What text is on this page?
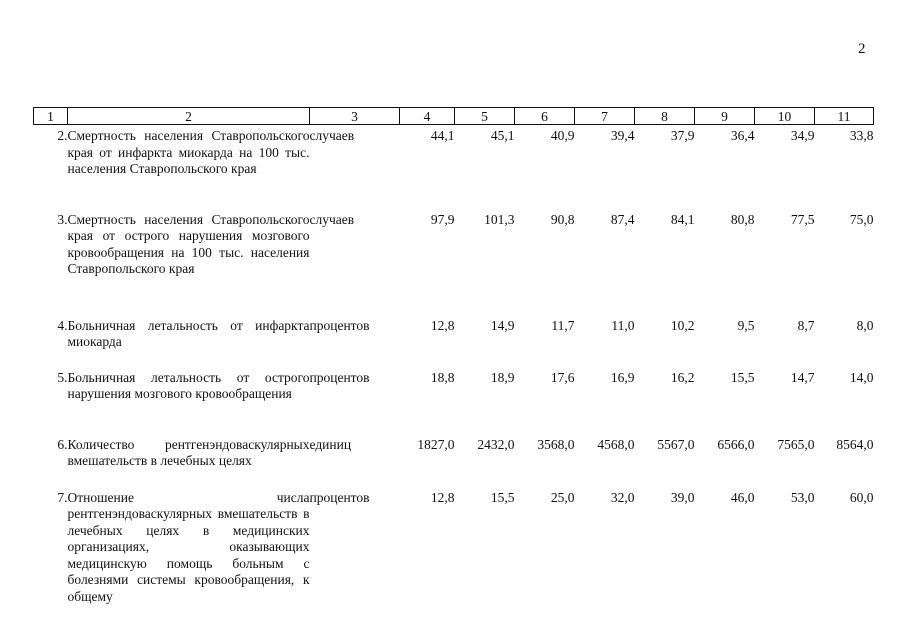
2
1	2	3	4	5	6	7	8	9	10	11
2.	Смертность населения Ставропольского края от инфаркта миокарда на 100 тыс. населения Ставропольского края	случаев	44,1	45,1	40,9	39,4	37,9	36,4	34,9	33,8
3.	Смертность населения Ставропольского края от острого нарушения мозгового кровообращения на 100 тыс. населения Ставропольского края	случаев	97,9	101,3	90,8	87,4	84,1	80,8	77,5	75,0
4.	Больничная летальность от инфаркта миокарда	процентов	12,8	14,9	11,7	11,0	10,2	9,5	8,7	8,0
5.	Больничная летальность от острого нарушения мозгового кровообращения	процентов	18,8	18,9	17,6	16,9	16,2	15,5	14,7	14,0
6.	Количество рентгенэндоваскулярных вмешательств в лечебных целях	единиц	1827,0	2432,0	3568,0	4568,0	5567,0	6566,0	7565,0	8564,0
7.	Отношение числа рентгенэндоваскулярных вмешательств в лечебных целях в медицинских организациях, оказывающих медицинскую помощь больным с болезнями системы кровообращения, к общему	процентов	12,8	15,5	25,0	32,0	39,0	46,0	53,0	60,0
